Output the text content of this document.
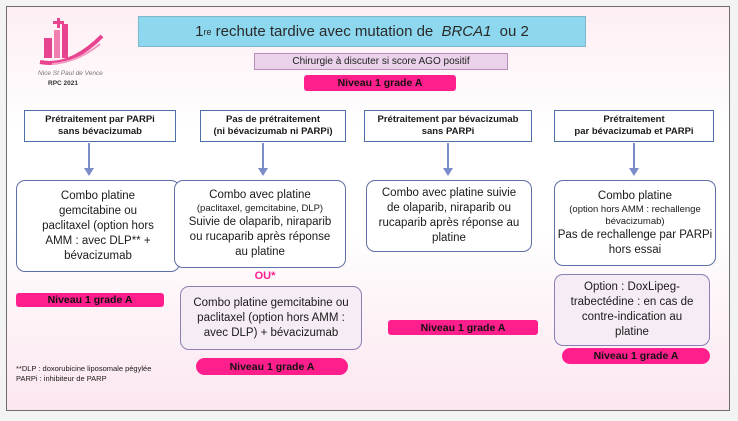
Nice St Paul de Vence
RPC 2021
1 re rechute tardive avec mutation de BRCA1 ou 2
Chirurgie à discuter si score AGO positif
Niveau 1 grade A
Prétraitement par PARPi
sans bévacizumab
Pas de prétraitement
(ni bévacizumab ni PARPi)
Prétraitement par bévacizumab
sans PARPi
Prétraitement
par bévacizumab et PARPi
Combo platine
gemcitabine ou
paclitaxel (option hors
AMM : avec DLP** +
bévacizumab
Niveau 1 grade A
Combo avec platine
(paclitaxel, gemcitabine, DLP)
Suivie de olaparib, niraparib
ou rucaparib après réponse
au platine
OU*
Combo platine gemcitabine ou
paclitaxel (option hors AMM :
avec DLP) + bévacizumab
Niveau 1 grade A
Combo avec platine suivie
de olaparib, niraparib ou
rucaparib après réponse au
platine
Niveau 1 grade A
Combo platine
(option hors AMM : rechallenge
bévacizumab)
Pas de rechallenge par PARPi
hors essai
Option : DoxLipeg-
trabectédine : en cas de
contre-indication au
platine
Niveau 1 grade A
**DLP : doxorubicine liposomale pégylée
PARPi : inhibiteur de PARP
